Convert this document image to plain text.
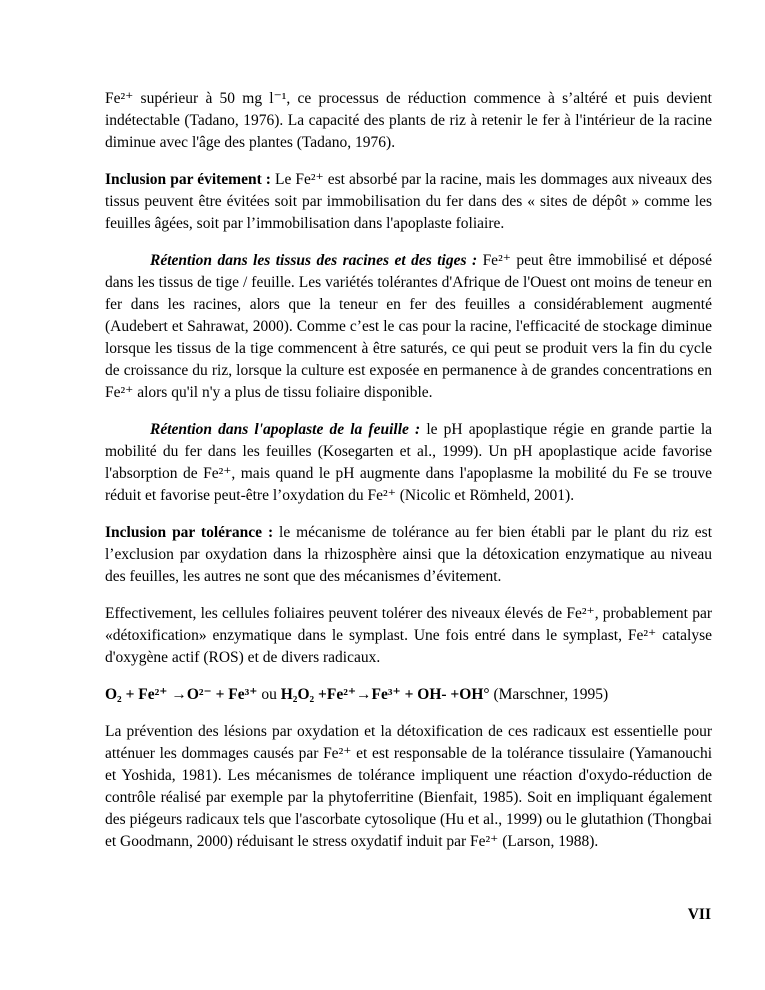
Fe²⁺ supérieur à 50 mg l⁻¹, ce processus de réduction commence à s’altéré et puis devient indétectable (Tadano, 1976). La capacité des plants de riz à retenir le fer à l'intérieur de la racine diminue avec l'âge des plantes (Tadano, 1976).

Inclusion par évitement : Le Fe²⁺ est absorbé par la racine, mais les dommages aux niveaux des tissus peuvent être évitées soit par immobilisation du fer dans des « sites de dépôt » comme les feuilles âgées, soit par l’immobilisation dans l'apoplaste foliaire.

Rétention dans les tissus des racines et des tiges : Fe²⁺ peut être immobilisé et déposé dans les tissus de tige / feuille. Les variétés tolérantes d'Afrique de l'Ouest ont moins de teneur en fer dans les racines, alors que la teneur en fer des feuilles a considérablement augmenté (Audebert et Sahrawat, 2000). Comme c’est le cas pour la racine, l'efficacité de stockage diminue lorsque les tissus de la tige commencent à être saturés, ce qui peut se produit vers la fin du cycle de croissance du riz, lorsque la culture est exposée en permanence à de grandes concentrations en Fe²⁺ alors qu'il n'y a plus de tissu foliaire disponible.

Rétention dans l'apoplaste de la feuille : le pH apoplastique régie en grande partie la mobilité du fer dans les feuilles (Kosegarten et al., 1999). Un pH apoplastique acide favorise l'absorption de Fe²⁺, mais quand le pH augmente dans l'apoplasme la mobilité du Fe se trouve réduit et favorise peut-être l’oxydation du Fe²⁺ (Nicolic et Römheld, 2001).

Inclusion par tolérance : le mécanisme de tolérance au fer bien établi par le plant du riz est l’exclusion par oxydation dans la rhizosphère ainsi que la détoxication enzymatique au niveau des feuilles, les autres ne sont que des mécanismes d’évitement.

Effectivement, les cellules foliaires peuvent tolérer des niveaux élevés de Fe²⁺, probablement par «détoxification» enzymatique dans le symplast. Une fois entré dans le symplast, Fe²⁺ catalyse d'oxygène actif (ROS) et de divers radicaux.

O₂ + Fe²⁺ →O²⁻ + Fe³⁺ ou H₂O₂ +Fe²⁺→Fe³⁺ + OH- +OH° (Marschner, 1995)

La prévention des lésions par oxydation et la détoxification de ces radicaux est essentielle pour atténuer les dommages causés par Fe²⁺ et est responsable de la tolérance tissulaire (Yamanouchi et Yoshida, 1981). Les mécanismes de tolérance impliquent une réaction d'oxydo-réduction de contrôle réalisé par exemple par la phytoferritine (Bienfait, 1985). Soit en impliquant également des piégeurs radicaux tels que l'ascorbate cytosolique (Hu et al., 1999) ou le glutathion (Thongbai et Goodmann, 2000) réduisant le stress oxydatif induit par Fe²⁺ (Larson, 1988).

VII
